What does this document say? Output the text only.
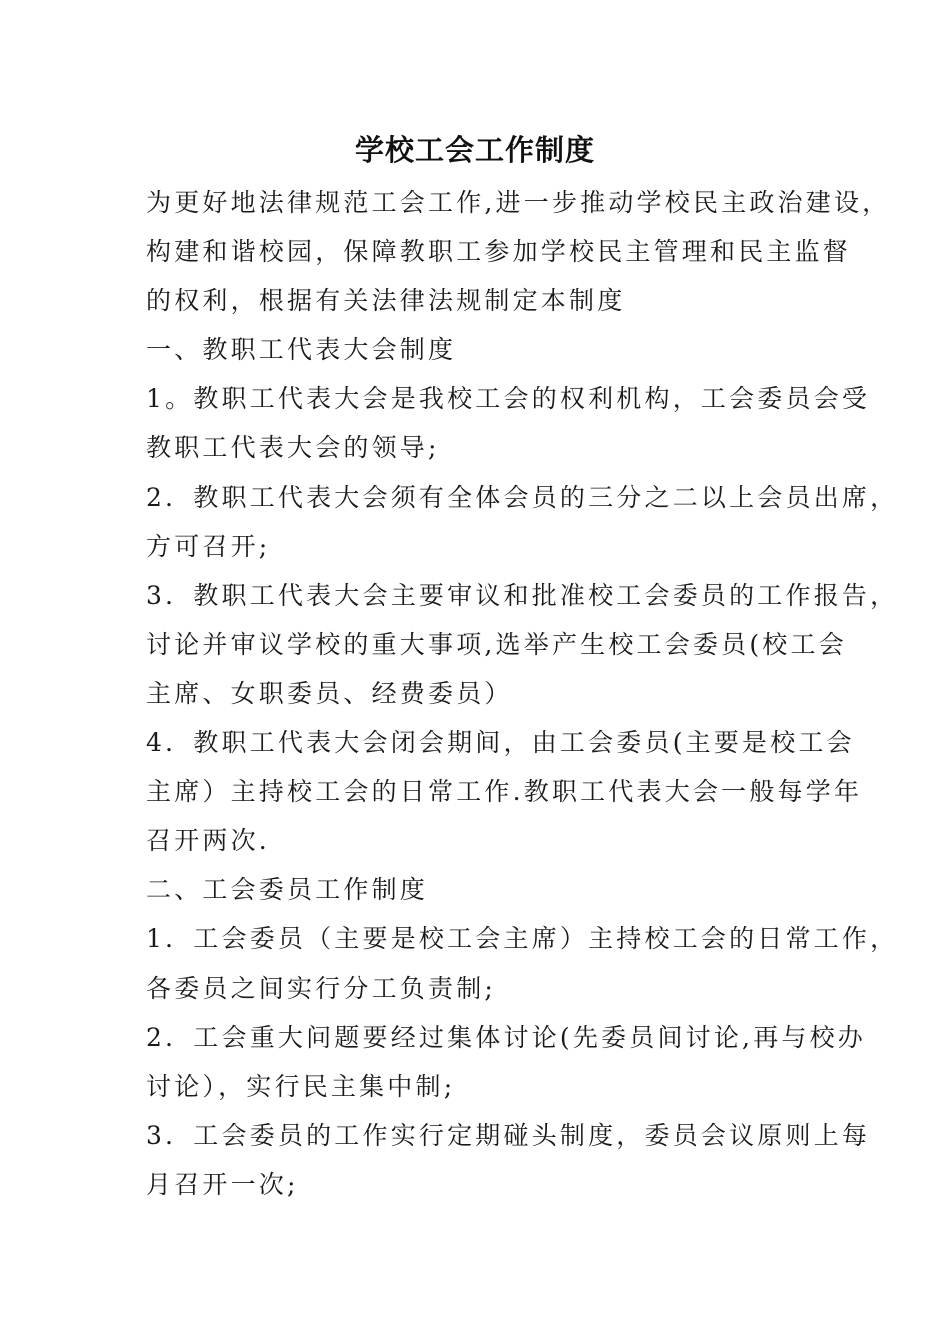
学校工会工作制度
为更好地法律规范工会工作,进一步推动学校民主政治建设，
构建和谐校园，保障教职工参加学校民主管理和民主监督
的权利，根据有关法律法规制定本制度
一、教职工代表大会制度
1。教职工代表大会是我校工会的权利机构，工会委员会受
教职工代表大会的领导;
2．教职工代表大会须有全体会员的三分之二以上会员出席，
方可召开;
3．教职工代表大会主要审议和批准校工会委员的工作报告，
讨论并审议学校的重大事项,选举产生校工会委员(校工会
主席、女职委员、经费委员）
4．教职工代表大会闭会期间，由工会委员(主要是校工会
主席）主持校工会的日常工作.教职工代表大会一般每学年
召开两次.
二、工会委员工作制度
1．工会委员（主要是校工会主席）主持校工会的日常工作，
各委员之间实行分工负责制;
2．工会重大问题要经过集体讨论(先委员间讨论,再与校办
讨论），实行民主集中制;
3．工会委员的工作实行定期碰头制度，委员会议原则上每
月召开一次;
